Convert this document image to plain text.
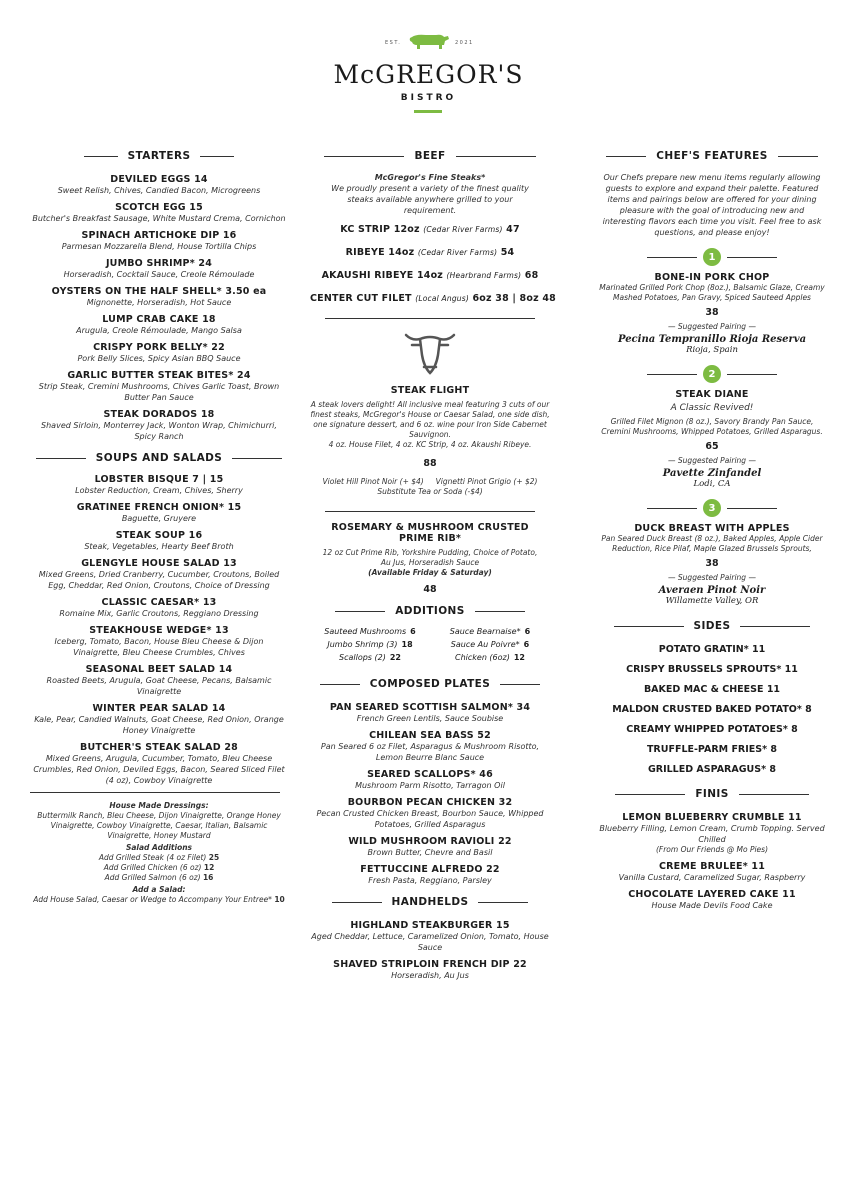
EST.	2021
McGREGOR'S
BISTRO
STARTERS
DEVILED EGGS 14
Sweet Relish, Chives, Candied Bacon, Microgreens
SCOTCH EGG 15
Butcher's Breakfast Sausage, White Mustard Crema, Cornichon
SPINACH ARTICHOKE DIP 16
Parmesan Mozzarella Blend, House Tortilla Chips
JUMBO SHRIMP* 24
Horseradish, Cocktail Sauce, Creole Rémoulade
OYSTERS ON THE HALF SHELL* 3.50 ea
Mignonette, Horseradish, Hot Sauce
LUMP CRAB CAKE 18
Arugula, Creole Rémoulade, Mango Salsa
CRISPY PORK BELLY* 22
Pork Belly Slices, Spicy Asian BBQ Sauce
GARLIC BUTTER STEAK BITES* 24
Strip Steak, Cremini Mushrooms, Chives Garlic Toast, Brown Butter Pan Sauce
STEAK DORADOS 18
Shaved Sirloin, Monterrey Jack, Wonton Wrap, Chimichurri, Spicy Ranch
SOUPS AND SALADS
LOBSTER BISQUE 7 | 15
Lobster Reduction, Cream, Chives, Sherry
GRATINEE FRENCH ONION* 15
Baguette, Gruyere
STEAK SOUP 16
Steak, Vegetables, Hearty Beef Broth
GLENGYLE HOUSE SALAD 13
Mixed Greens, Dried Cranberry, Cucumber, Croutons, Boiled Egg, Cheddar, Red Onion, Croutons, Choice of Dressing
CLASSIC CAESAR* 13
Romaine Mix, Garlic Croutons, Reggiano Dressing
STEAKHOUSE WEDGE* 13
Iceberg, Tomato, Bacon, House Bleu Cheese & Dijon Vinaigrette, Bleu Cheese Crumbles, Chives
SEASONAL BEET SALAD 14
Roasted Beets, Arugula, Goat Cheese, Pecans, Balsamic Vinaigrette
WINTER PEAR SALAD 14
Kale, Pear, Candied Walnuts, Goat Cheese, Red Onion, Orange Honey Vinaigrette
BUTCHER'S STEAK SALAD 28
Mixed Greens, Arugula, Cucumber, Tomato, Bleu Cheese Crumbles, Red Onion, Deviled Eggs, Bacon, Seared Sliced Filet (4 oz), Cowboy Vinaigrette
House Made Dressings:
Buttermilk Ranch, Bleu Cheese, Dijon Vinaigrette, Orange Honey Vinaigrette, Cowboy Vinaigrette, Caesar, Italian, Balsamic Vinaigrette, Honey Mustard
Salad Additions
Add Grilled Steak (4 oz Filet) 25
Add Grilled Chicken (6 oz) 12
Add Grilled Salmon (6 oz) 16
Add a Salad:
Add House Salad, Caesar or Wedge to Accompany Your Entree* 10
BEEF
McGregor's Fine Steaks*
We proudly present a variety of the finest quality steaks available anywhere grilled to your requirement.
KC STRIP 12oz (Cedar River Farms) 47
RIBEYE 14oz (Cedar River Farms) 54
AKAUSHI RIBEYE 14oz (Hearbrand Farms) 68
CENTER CUT FILET (Local Angus) 6oz 38 | 8oz 48
STEAK FLIGHT
A steak lovers delight! All inclusive meal featuring 3 cuts of our finest steaks, McGregor's House or Caesar Salad, one side dish, one signature dessert, and 6 oz. wine pour Iron Side Cabernet Sauvignon.
4 oz. House Filet, 4 oz. KC Strip, 4 oz. Akaushi Ribeye.
88
Violet Hill Pinot Noir (+ $4) Vignetti Pinot Grigio (+ $2)
Substitute Tea or Soda (-$4)
ROSEMARY & MUSHROOM CRUSTED PRIME RIB*
12 oz Cut Prime Rib, Yorkshire Pudding, Choice of Potato, Au Jus, Horseradish Sauce
(Available Friday & Saturday)
48
ADDITIONS
Sauteed Mushrooms 6	Sauce Bearnaise* 6
Jumbo Shrimp (3) 18	Sauce Au Poivre* 6
Scallops (2) 22	Chicken (6oz) 12
COMPOSED PLATES
PAN SEARED SCOTTISH SALMON* 34
French Green Lentils, Sauce Soubise
CHILEAN SEA BASS 52
Pan Seared 6 oz Filet, Asparagus & Mushroom Risotto, Lemon Beurre Blanc Sauce
SEARED SCALLOPS* 46
Mushroom Parm Risotto, Tarragon Oil
BOURBON PECAN CHICKEN 32
Pecan Crusted Chicken Breast, Bourbon Sauce, Whipped Potatoes, Grilled Asparagus
WILD MUSHROOM RAVIOLI 22
Brown Butter, Chevre and Basil
FETTUCCINE ALFREDO 22
Fresh Pasta, Reggiano, Parsley
HANDHELDS
HIGHLAND STEAKBURGER 15
Aged Cheddar, Lettuce, Caramelized Onion, Tomato, House Sauce
SHAVED STRIPLOIN FRENCH DIP 22
Horseradish, Au Jus
CHEF'S FEATURES
Our Chefs prepare new menu items regularly allowing guests to explore and expand their palette. Featured items and pairings below are offered for your dining pleasure with the goal of introducing new and interesting flavors each time you visit. Feel free to ask questions, and please enjoy!
1
BONE-IN PORK CHOP
Marinated Grilled Pork Chop (8oz.), Balsamic Glaze, Creamy Mashed Potatoes, Pan Gravy, Spiced Sauteed Apples
38
— Suggested Pairing —
Pecina Tempranillo Rioja Reserva
Rioja, Spain
2
STEAK DIANE
A Classic Revived!
Grilled Filet Mignon (8 oz.), Savory Brandy Pan Sauce, Cremini Mushrooms, Whipped Potatoes, Grilled Asparagus.
65
— Suggested Pairing —
Pavette Zinfandel
Lodi, CA
3
DUCK BREAST WITH APPLES
Pan Seared Duck Breast (8 oz.), Baked Apples, Apple Cider Reduction, Rice Pilaf, Maple Glazed Brussels Sprouts,
38
— Suggested Pairing —
Averaen Pinot Noir
Willamette Valley, OR
SIDES
POTATO GRATIN* 11
CRISPY BRUSSELS SPROUTS* 11
BAKED MAC & CHEESE 11
MALDON CRUSTED BAKED POTATO* 8
CREAMY WHIPPED POTATOES* 8
TRUFFLE-PARM FRIES* 8
GRILLED ASPARAGUS* 8
FINIS
LEMON BLUEBERRY CRUMBLE 11
Blueberry Filling, Lemon Cream, Crumb Topping. Served Chilled
(From Our Friends @ Mo Pies)
CREME BRULEE* 11
Vanilla Custard, Caramelized Sugar, Raspberry
CHOCOLATE LAYERED CAKE 11
House Made Devils Food Cake
